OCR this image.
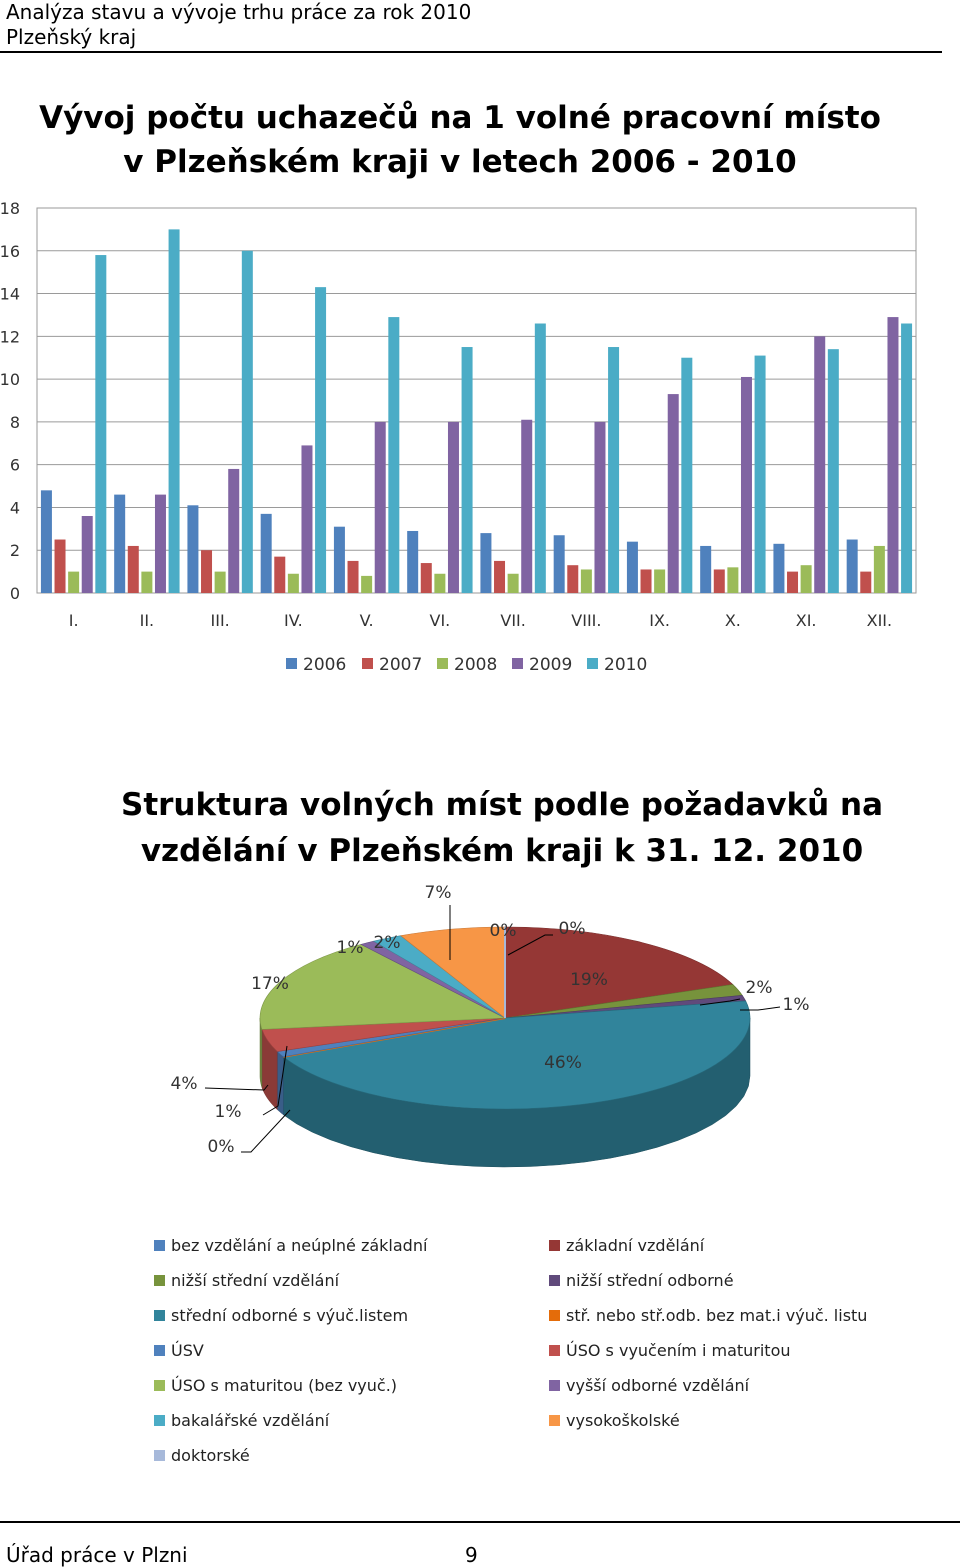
Analýza stavu a vývoje trhu práce za rok 2010
Plzeňský kraj
Vývoj počtu uchazečů na 1 volné pracovní místo
v Plzeňském kraji v letech 2006 - 2010
0
2
4
6
8
10
12
14
16
18
I.	II.	III.	IV.	V.	VI.	VII.	VIII.	IX.	X.	XI.	XII.
2006 2007 2008 2009 2010
Struktura volných míst podle požadavků na
vzdělání v Plzeňském kraji k 31. 12. 2010
0%
19%	2%
1%
46%
0%
1%
4%
17%
1% 2%
7%
0%
bez vzdělání a neúplné základní	základní vzdělání
nižší střední vzdělání	nižší střední odborné
střední odborné s výuč.listem	stř. nebo stř.odb. bez mat.i výuč. listu
ÚSV	ÚSO s vyučením i maturitou
ÚSO s maturitou (bez vyuč.)	vyšší odborné vzdělání
bakalářské vzdělání	vysokoškolské
doktorské
Úřad práce v Plzni	9
